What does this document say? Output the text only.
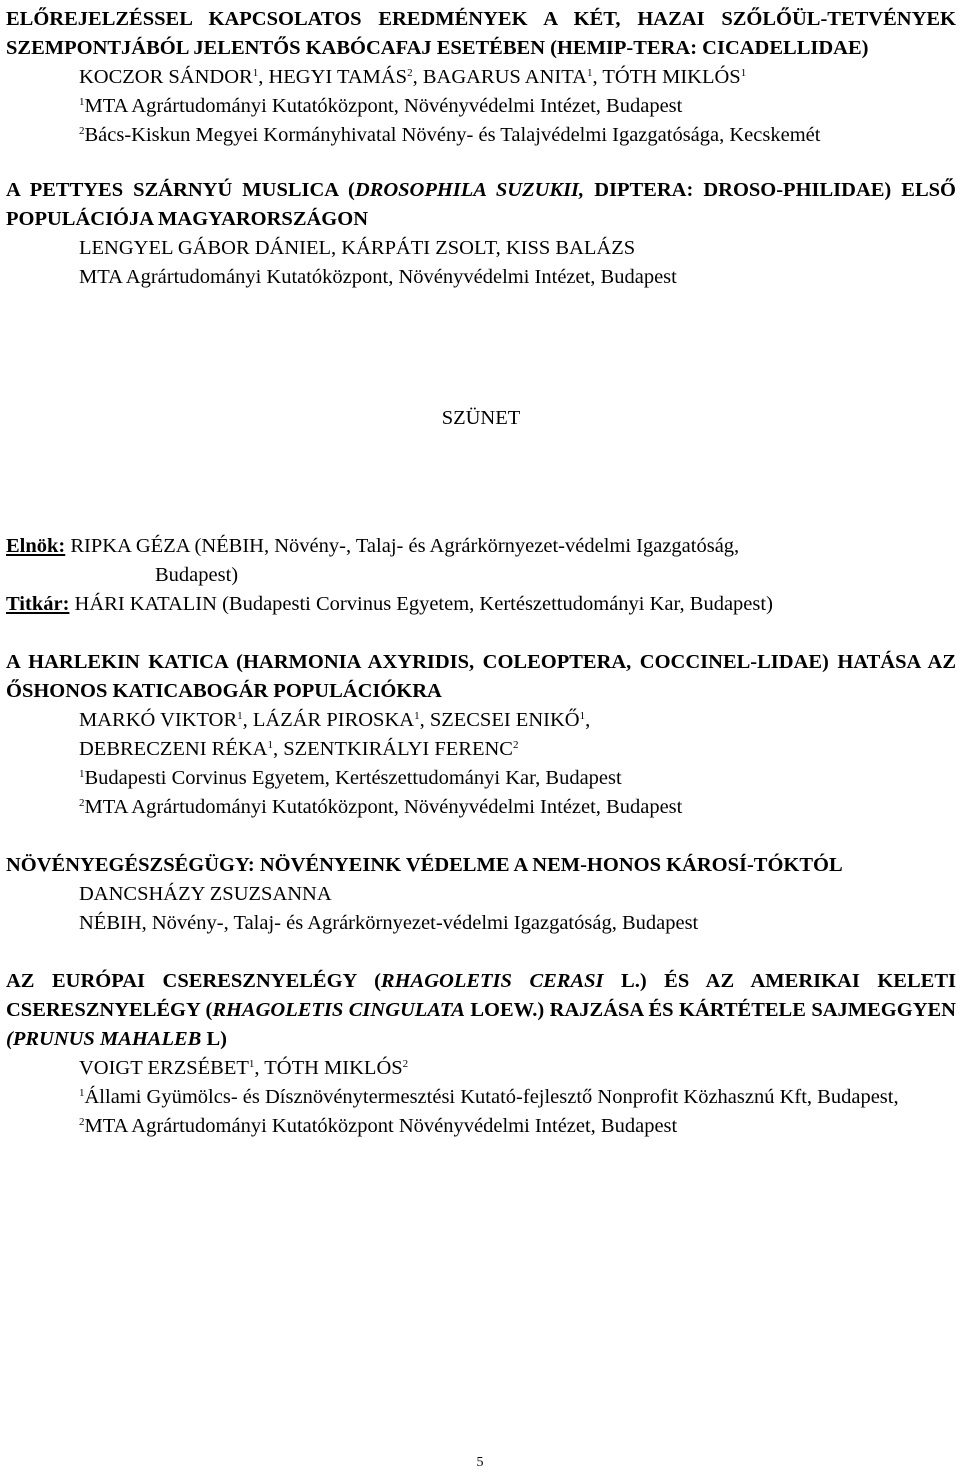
ELŐREJELZÉSSEL KAPCSOLATOS EREDMÉNYEK A KÉT, HAZAI SZŐLŐÜL-TETVÉNYEK SZEMPONTJÁBÓL JELENTŐS KABÓCAFAJ ESETÉBEN (HEMIP-TERA: CICADELLIDAE)
KOCZOR SÁNDOR$^1$, HEGYI TAMÁS$^2$, BAGARUS ANITA$^1$, TÓTH MIKLÓS$^1$
$^1$MTA Agrártudományi Kutatóközpont, Növényvédelmi Intézet, Budapest
$^2$Bács-Kiskun Megyei Kormányhivatal Növény- és Talajvédelmi Igazgatósága, Kecskemét
A PETTYES SZÁRNYÚ MUSLICA (DROSOPHILA SUZUKII, DIPTERA: DROSO-PHILIDAE) ELSŐ POPULÁCIÓJA MAGYARORSZÁGON
LENGYEL GÁBOR DÁNIEL, KÁRPÁTI ZSOLT, KISS BALÁZS
MTA Agrártudományi Kutatóközpont, Növényvédelmi Intézet, Budapest
SZÜNET
Elnök: RIPKA GÉZA (NÉBIH, Növény-, Talaj- és Agrárkörnyezet-védelmi Igazgatóság,
Budapest)
Titkár: HÁRI KATALIN (Budapesti Corvinus Egyetem, Kertészettudományi Kar, Budapest)
A HARLEKIN KATICA (HARMONIA AXYRIDIS, COLEOPTERA, COCCINEL-LIDAE) HATÁSA AZ ŐSHONOS KATICABOGÁR POPULÁCIÓKRA
MARKÓ VIKTOR$^1$, LÁZÁR PIROSKA$^1$, SZECSEI ENIKŐ$^1$,
DEBRECZENI RÉKA$^1$, SZENTKIRÁLYI FERENC$^2$
$^1$Budapesti Corvinus Egyetem, Kertészettudományi Kar, Budapest
$^2$MTA Agrártudományi Kutatóközpont, Növényvédelmi Intézet, Budapest
NÖVÉNYEGÉSZSÉGÜGY: NÖVÉNYEINK VÉDELME A NEM-HONOS KÁROSÍ-TÓKTÓL
DANCSHÁZY ZSUZSANNA
NÉBIH, Növény-, Talaj- és Agrárkörnyezet-védelmi Igazgatóság, Budapest
AZ EURÓPAI CSERESZNYELÉGY (RHAGOLETIS CERASI L.) ÉS AZ AMERIKAI KELETI CSERESZNYELÉGY (RHAGOLETIS CINGULATA LOEW.) RAJZÁSA ÉS KÁRTÉTELE SAJMEGGYEN (PRUNUS MAHALEB L)
VOIGT ERZSÉBET$^1$, TÓTH MIKLÓS$^2$
$^1$Állami Gyümölcs- és Dísznövénytermesztési Kutató-fejlesztő Nonprofit Közhasznú Kft, Budapest,
$^2$MTA Agrártudományi Kutatóközpont Növényvédelmi Intézet, Budapest
5
